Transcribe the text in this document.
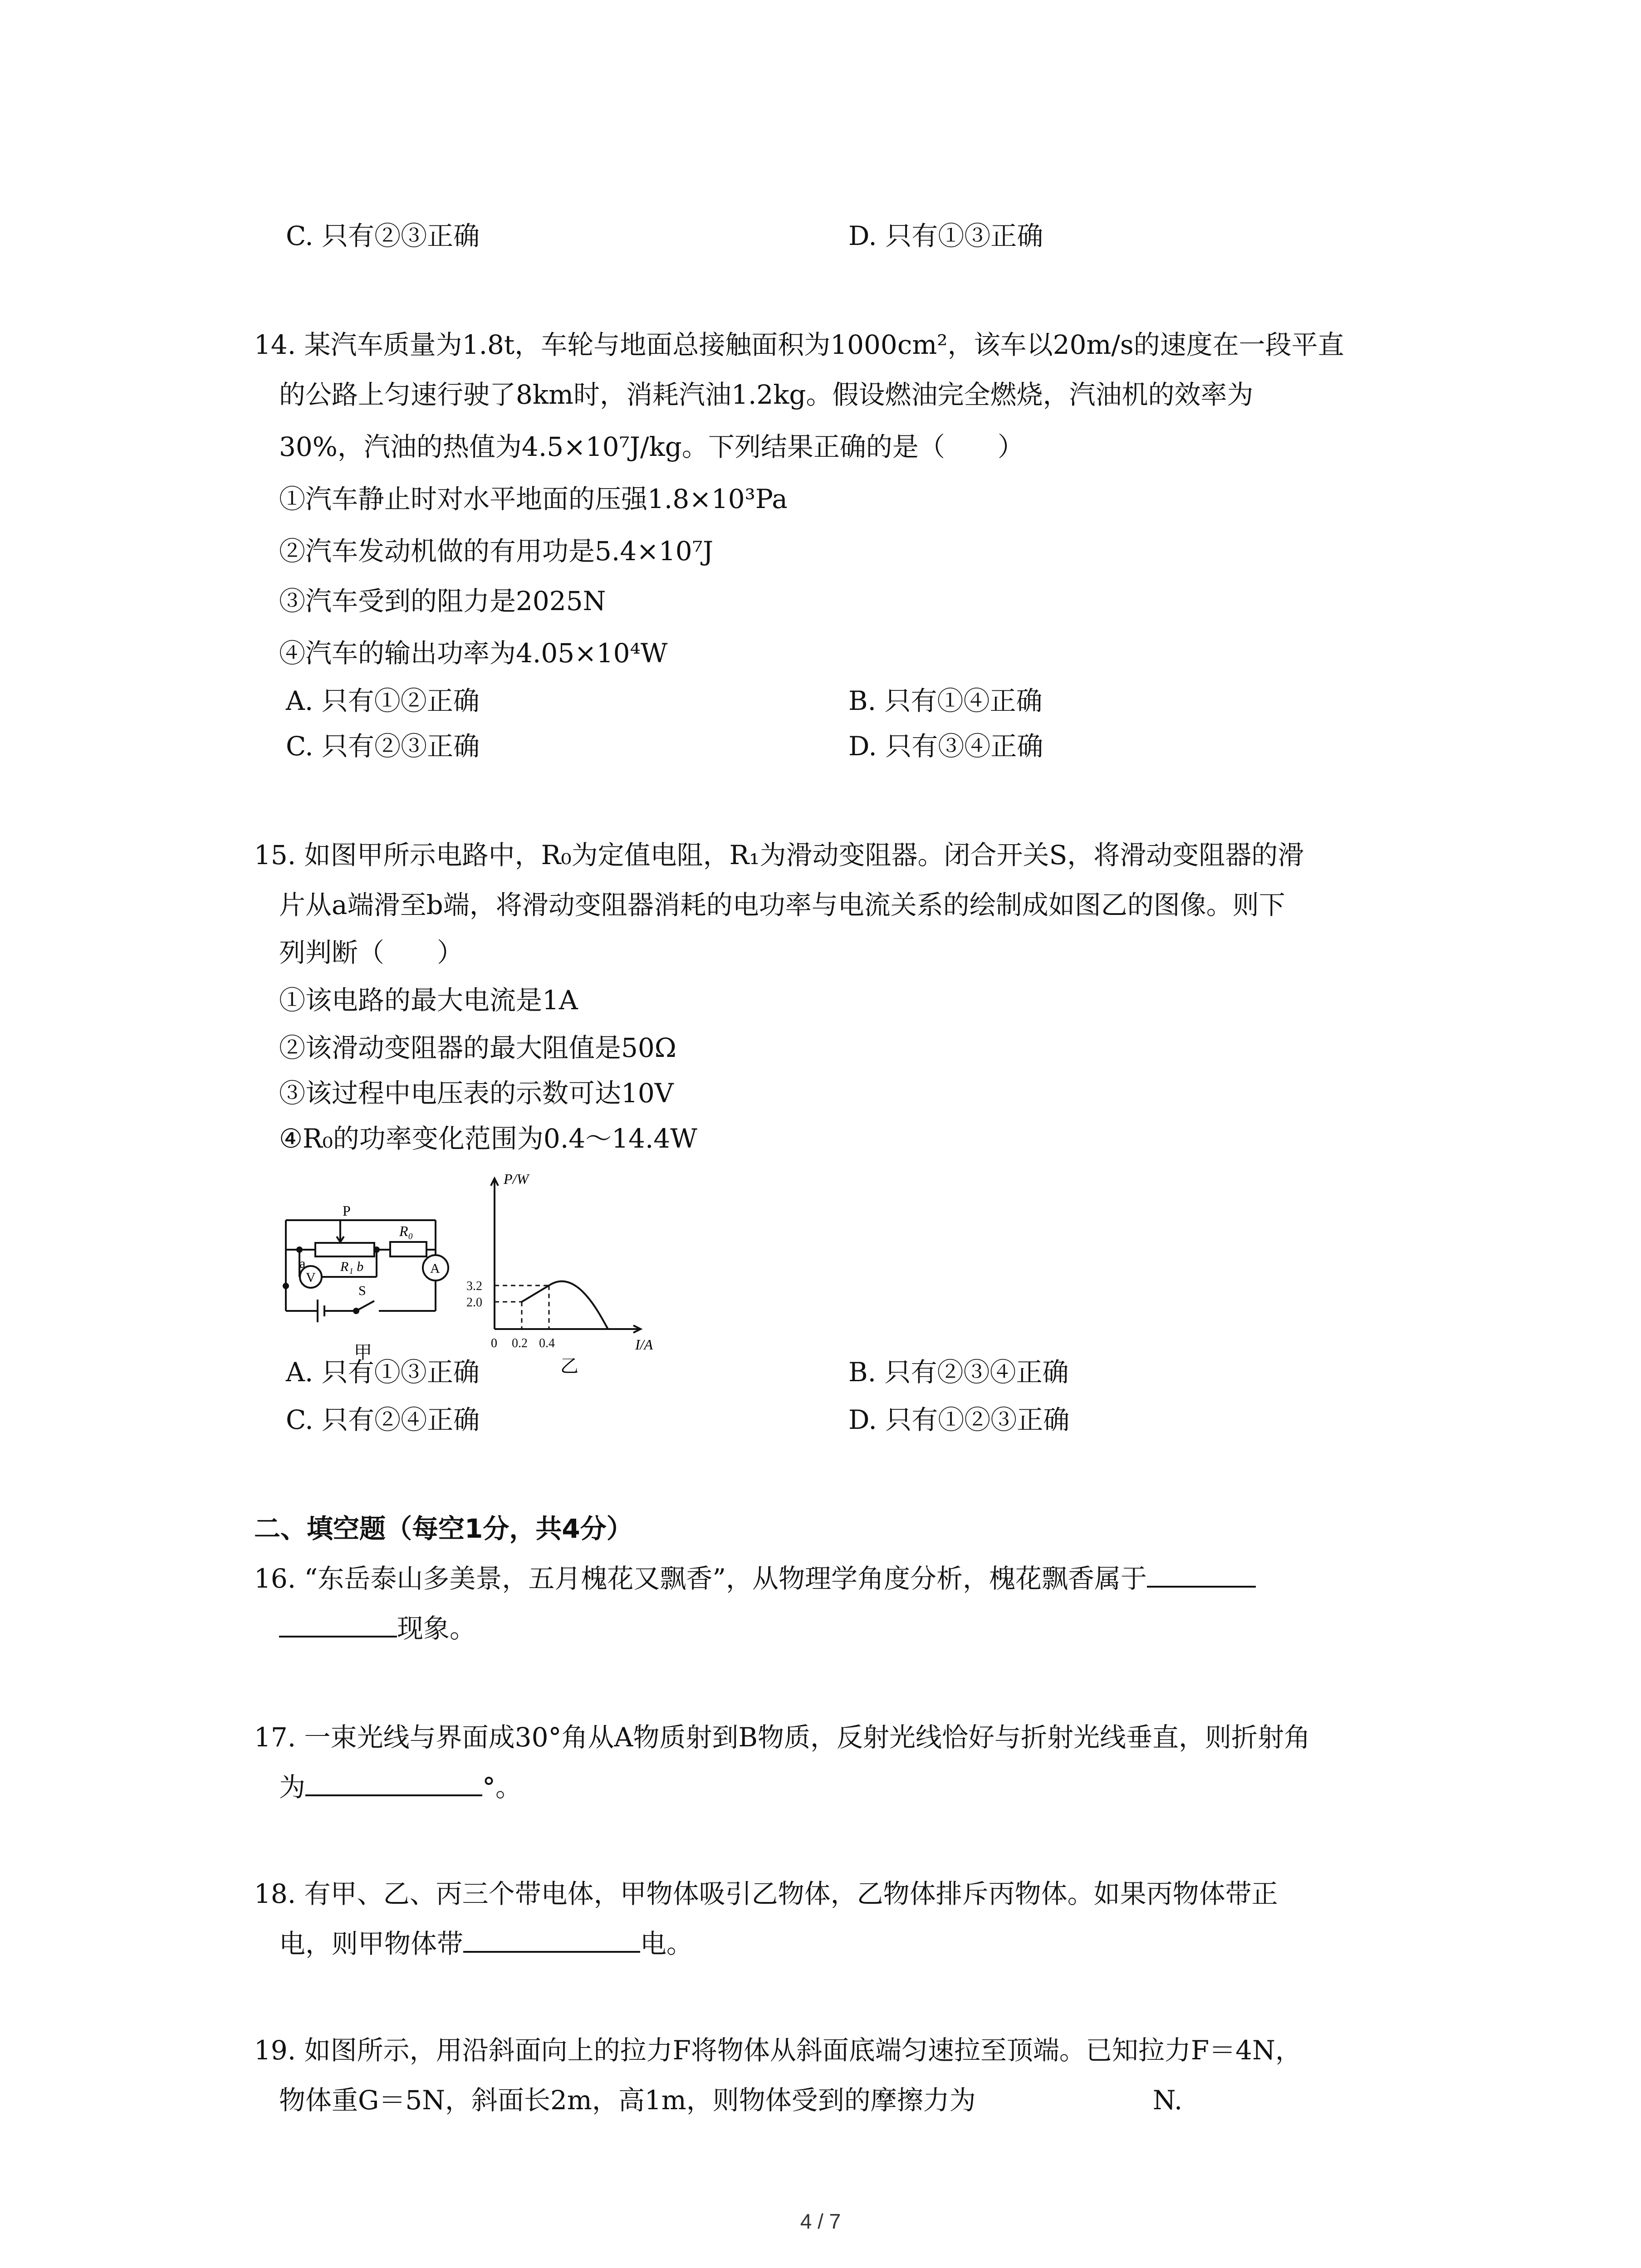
C. 只有②③正确	D. 只有①③正确
14. 某汽车质量为1.8t，车轮与地面总接触面积为1000cm²，该车以20m/s的速度在一段平直
的公路上匀速行驶了8km时，消耗汽油1.2kg。假设燃油完全燃烧，汽油机的效率为
30%，汽油的热值为4.5×10⁷J/kg。下列结果正确的是（　　）
①汽车静止时对水平地面的压强1.8×10³Pa
②汽车发动机做的有用功是5.4×10⁷J
③汽车受到的阻力是2025N
④汽车的输出功率为4.05×10⁴W
A. 只有①②正确	B. 只有①④正确
C. 只有②③正确	D. 只有③④正确
15. 如图甲所示电路中，R₀为定值电阻，R₁为滑动变阻器。闭合开关S，将滑动变阻器的滑
片从a端滑至b端，将滑动变阻器消耗的电功率与电流关系的绘制成如图乙的图像。则下
列判断（　　）
①该电路的最大电流是1A
②该滑动变阻器的最大阻值是50Ω
③该过程中电压表的示数可达10V
④R₀的功率变化范围为0.4～14.4W
P
R₀
a	R₁ b
V
A
S
甲	0.2 0.4
2.0
3.2
P/W
I/A
0
乙
A. 只有①③正确	B. 只有②③④正确
C. 只有②④正确	D. 只有①②③正确
二、填空题（每空1分，共4分）
16. “东岳泰山多美景，五月槐花又飘香”，从物理学角度分析，槐花飘香属于
现象。
17. 一束光线与界面成30°角从A物质射到B物质，反射光线恰好与折射光线垂直，则折射角
为	°。
18. 有甲、乙、丙三个带电体，甲物体吸引乙物体，乙物体排斥丙物体。如果丙物体带正
电，则甲物体带	电。
19. 如图所示，用沿斜面向上的拉力F将物体从斜面底端匀速拉至顶端。已知拉力F＝4N，
物体重G＝5N，斜面长2m，高1m，则物体受到的摩擦力为	N.
4 / 7
